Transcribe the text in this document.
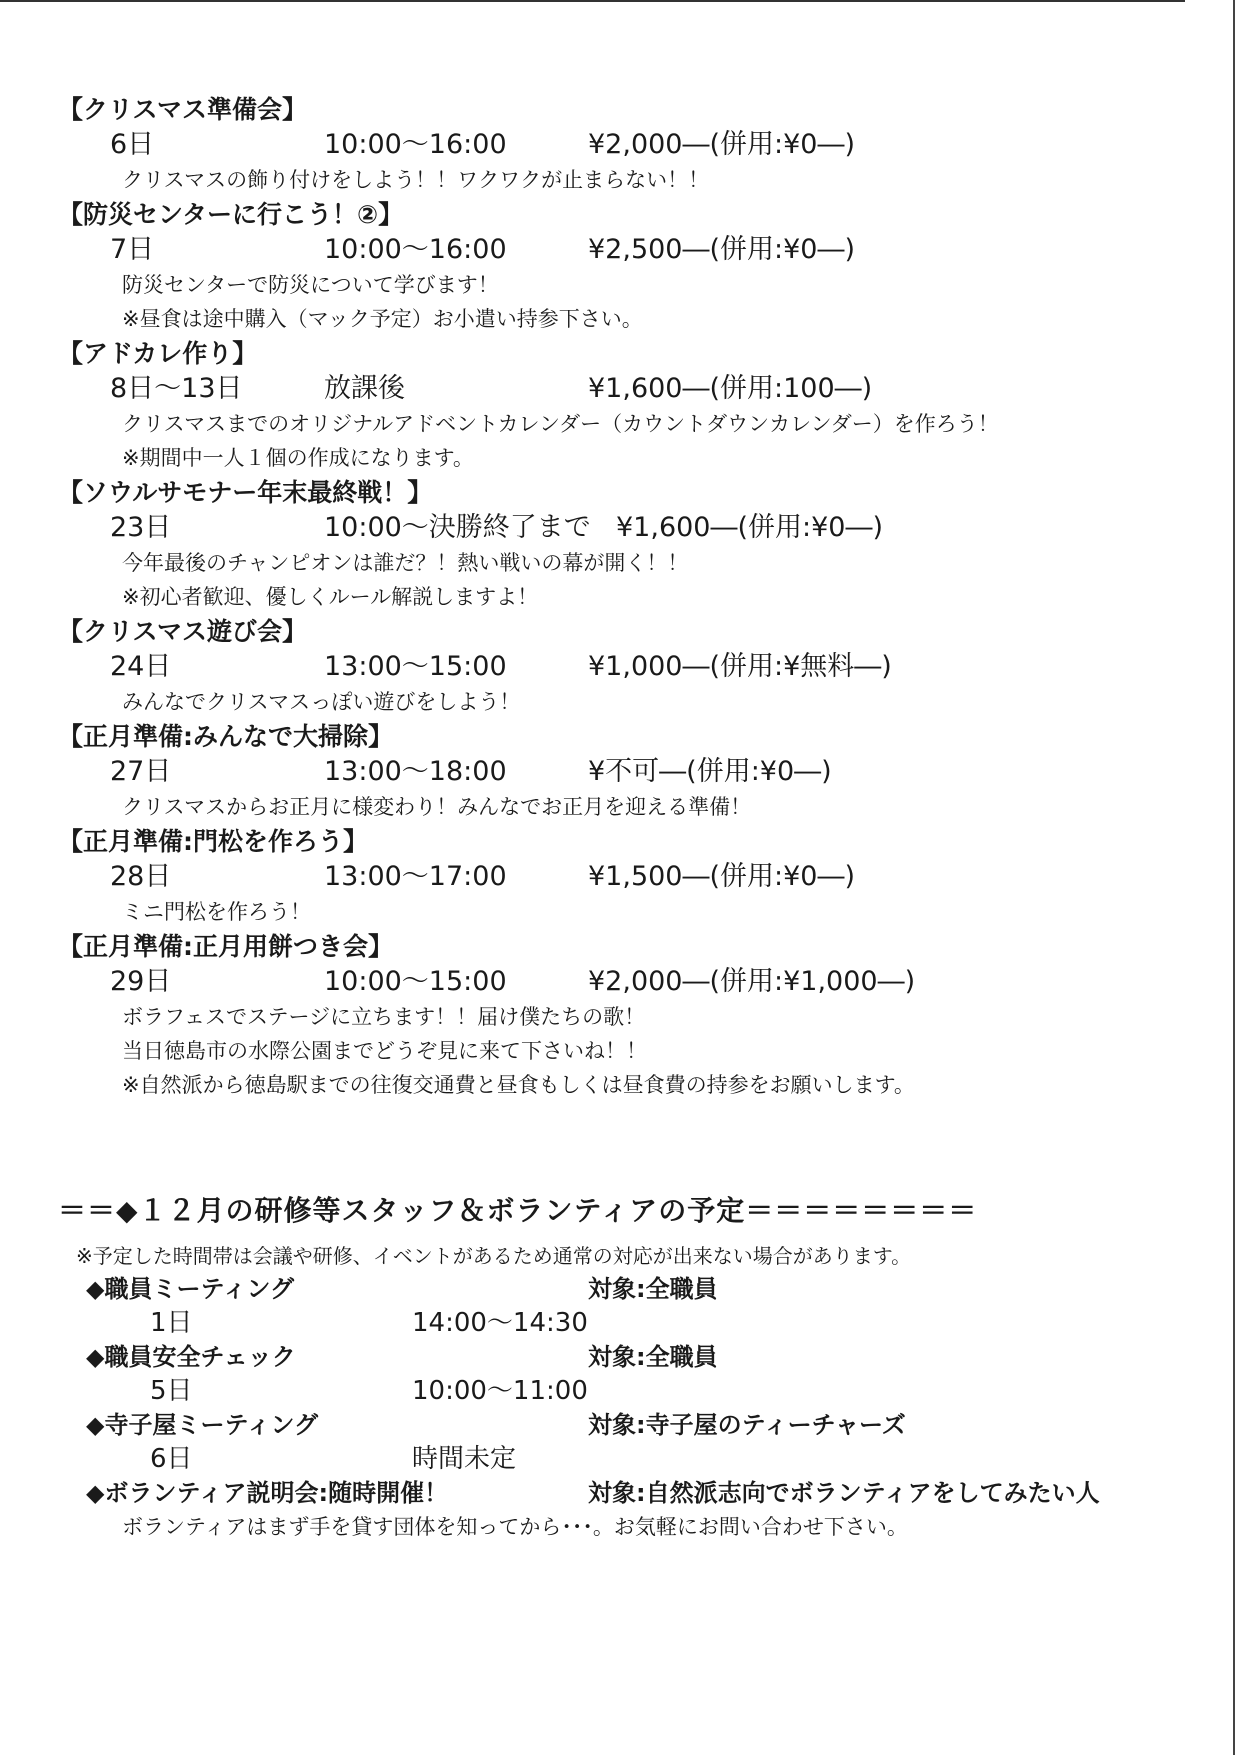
【クリスマス準備会】
6日	10:00〜16:00	¥2,000―(併用:¥0―)
クリスマスの飾り付けをしよう！！ワクワクが止まらない！！
【防災センターに行こう！②】
7日	10:00〜16:00	¥2,500―(併用:¥0―)
防災センターで防災について学びます！
※昼食は途中購入（マック予定）お小遣い持参下さい。
【アドカレ作り】
8日〜13日	放課後	¥1,600―(併用:100―)
クリスマスまでのオリジナルアドベントカレンダー（カウントダウンカレンダー）を作ろう！
※期間中一人１個の作成になります。
【ソウルサモナー年末最終戦！】
23日	10:00〜決勝終了まで ¥1,600―(併用:¥0―)
今年最後のチャンピオンは誰だ？！熱い戦いの幕が開く！！
※初心者歓迎、優しくルール解説しますよ！
【クリスマス遊び会】
24日	13:00〜15:00	¥1,000―(併用:¥無料―)
みんなでクリスマスっぽい遊びをしよう！
【正月準備:みんなで大掃除】
27日	13:00〜18:00	¥不可―(併用:¥0―)
クリスマスからお正月に様変わり！みんなでお正月を迎える準備！
【正月準備:門松を作ろう】
28日	13:00〜17:00	¥1,500―(併用:¥0―)
ミニ門松を作ろう！
【正月準備:正月用餅つき会】
29日	10:00〜15:00	¥2,000―(併用:¥1,000―)
ボラフェスでステージに立ちます！！届け僕たちの歌！
当日徳島市の水際公園までどうぞ見に来て下さいね！！
※自然派から徳島駅までの往復交通費と昼食もしくは昼食費の持参をお願いします。
＝＝◆１２月の研修等スタッフ＆ボランティアの予定＝＝＝＝＝＝＝＝
※予定した時間帯は会議や研修、イベントがあるため通常の対応が出来ない場合があります。
◆職員ミーティング	対象:全職員
1日	14:00〜14:30
◆職員安全チェック	対象:全職員
5日	10:00〜11:00
◆寺子屋ミーティング	対象:寺子屋のティーチャーズ
6日	時間未定
◆ボランティア説明会:随時開催！	対象:自然派志向でボランティアをしてみたい人
ボランティアはまず手を貸す団体を知ってから･･･。お気軽にお問い合わせ下さい。
